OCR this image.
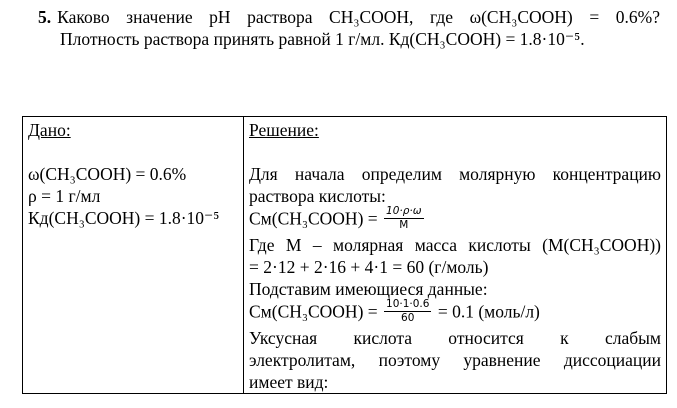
5. Каково значение pH раствора CH₃COOH, где ω(CH₃COOH) = 0.6%?
Плотность раствора принять равной 1 г/мл. Кд(CH₃COOH) = 1.8·10⁻⁵.
Дано:
ω(CH₃COOH) = 0.6%
ρ = 1 г/мл
Кд(CH₃COOH) = 1.8·10⁻⁵

Решение:
Для начала определим молярную концентрацию
раствора кислоты:
См(CH₃COOH) = $\frac{10\cdot\rho\cdot\omega}{M}$
Где М – молярная масса кислоты (M(CH₃COOH))
= 2·12 + 2·16 + 4·1 = 60 (г/моль)
Подставим имеющиеся данные:
См(CH₃COOH) = $\frac{10\cdot 1\cdot 0.6}{60} = 0.1$ (моль/л)
Уксусная кислота относится к слабым
электролитам, поэтому уравнение диссоциации
имеет вид:
